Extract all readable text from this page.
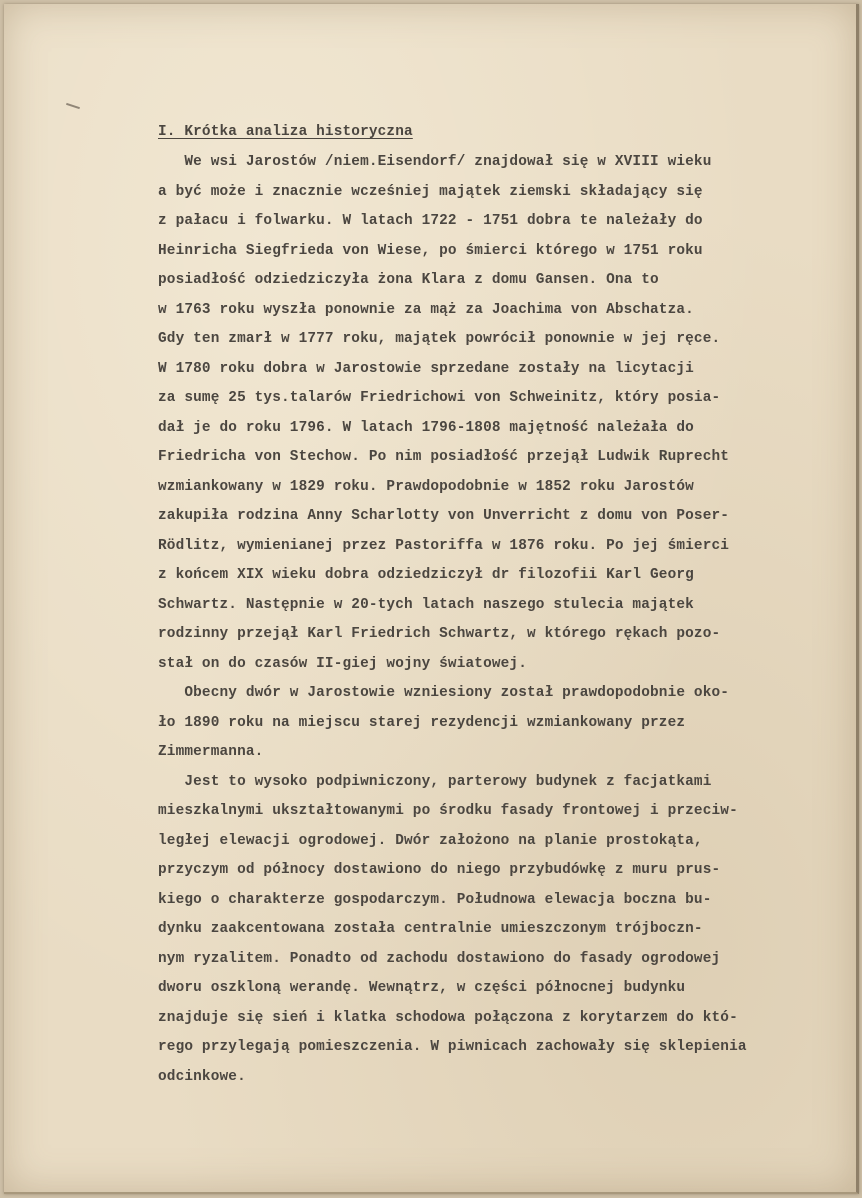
I. Krótka analiza historyczna
We wsi Jarostów /niem.Eisendorf/ znajdował się w XVIII wieku
a być może i znacznie wcześniej majątek ziemski składający się
z pałacu i folwarku. W latach 1722 - 1751 dobra te należały do
Heinricha Siegfrieda von Wiese, po śmierci którego w 1751 roku
posiadłość odziedziczyła żona Klara z domu Gansen. Ona to
w 1763 roku wyszła ponownie za mąż za Joachima von Abschatza.
Gdy ten zmarł w 1777 roku, majątek powrócił ponownie w jej ręce.
W 1780 roku dobra w Jarostowie sprzedane zostały na licytacji
za sumę 25 tys.talarów Friedrichowi von Schweinitz, który posia-
dał je do roku 1796. W latach 1796-1808 majętność należała do
Friedricha von Stechow. Po nim posiadłość przejął Ludwik Ruprecht
wzmiankowany w 1829 roku. Prawdopodobnie w 1852 roku Jarostów
zakupiła rodzina Anny Scharlotty von Unverricht z domu von Poser-
Rödlitz, wymienianej przez Pastoriffa w 1876 roku. Po jej śmierci
z końcem XIX wieku dobra odziedziczył dr filozofii Karl Georg
Schwartz. Następnie w 20-tych latach naszego stulecia majątek
rodzinny przejął Karl Friedrich Schwartz, w którego rękach pozo-
stał on do czasów II-giej wojny światowej.
Obecny dwór w Jarostowie wzniesiony został prawdopodobnie oko-
ło 1890 roku na miejscu starej rezydencji wzmiankowany przez
Zimmermanna.
Jest to wysoko podpiwniczony, parterowy budynek z facjatkami
mieszkalnymi ukształtowanymi po środku fasady frontowej i przeciw-
ległej elewacji ogrodowej. Dwór założono na planie prostokąta,
przyczym od północy dostawiono do niego przybudówkę z muru prus-
kiego o charakterze gospodarczym. Połudnowa elewacja boczna bu-
dynku zaakcentowana została centralnie umieszczonym trójboczn-
nym ryzalitem. Ponadto od zachodu dostawiono do fasady ogrodowej
dworu oszkloną werandę. Wewnątrz, w części północnej budynku
znajduje się sień i klatka schodowa połączona z korytarzem do któ-
rego przylegają pomieszczenia. W piwnicach zachowały się sklepienia
odcinkowe.
